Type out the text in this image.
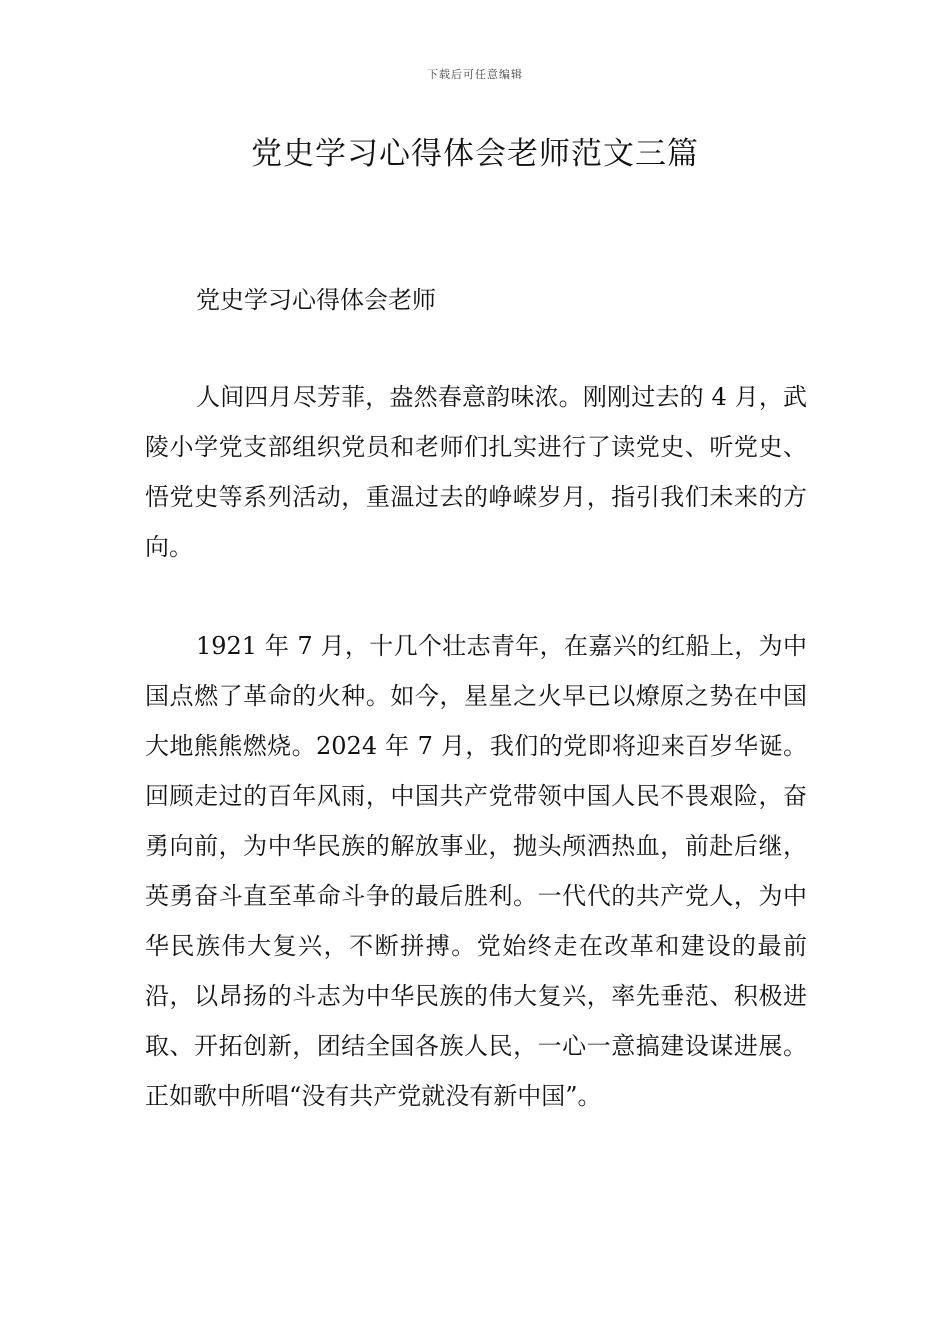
下载后可任意编辑
党史学习心得体会老师范文三篇
党史学习心得体会老师

人间四月尽芳菲，盎然春意韵味浓。刚刚过去的 4 月，武陵小学党支部组织党员和老师们扎实进行了读党史、听党史、悟党史等系列活动，重温过去的峥嵘岁月，指引我们未来的方向。

1921 年 7 月，十几个壮志青年，在嘉兴的红船上，为中国点燃了革命的火种。如今，星星之火早已以燎原之势在中国大地熊熊燃烧。2024 年 7 月，我们的党即将迎来百岁华诞。回顾走过的百年风雨，中国共产党带领中国人民不畏艰险，奋勇向前，为中华民族的解放事业，抛头颅洒热血，前赴后继，英勇奋斗直至革命斗争的最后胜利。一代代的共产党人，为中华民族伟大复兴，不断拼搏。党始终走在改革和建设的最前沿，以昂扬的斗志为中华民族的伟大复兴，率先垂范、积极进取、开拓创新，团结全国各族人民，一心一意搞建设谋进展。正如歌中所唱“没有共产党就没有新中国”。
